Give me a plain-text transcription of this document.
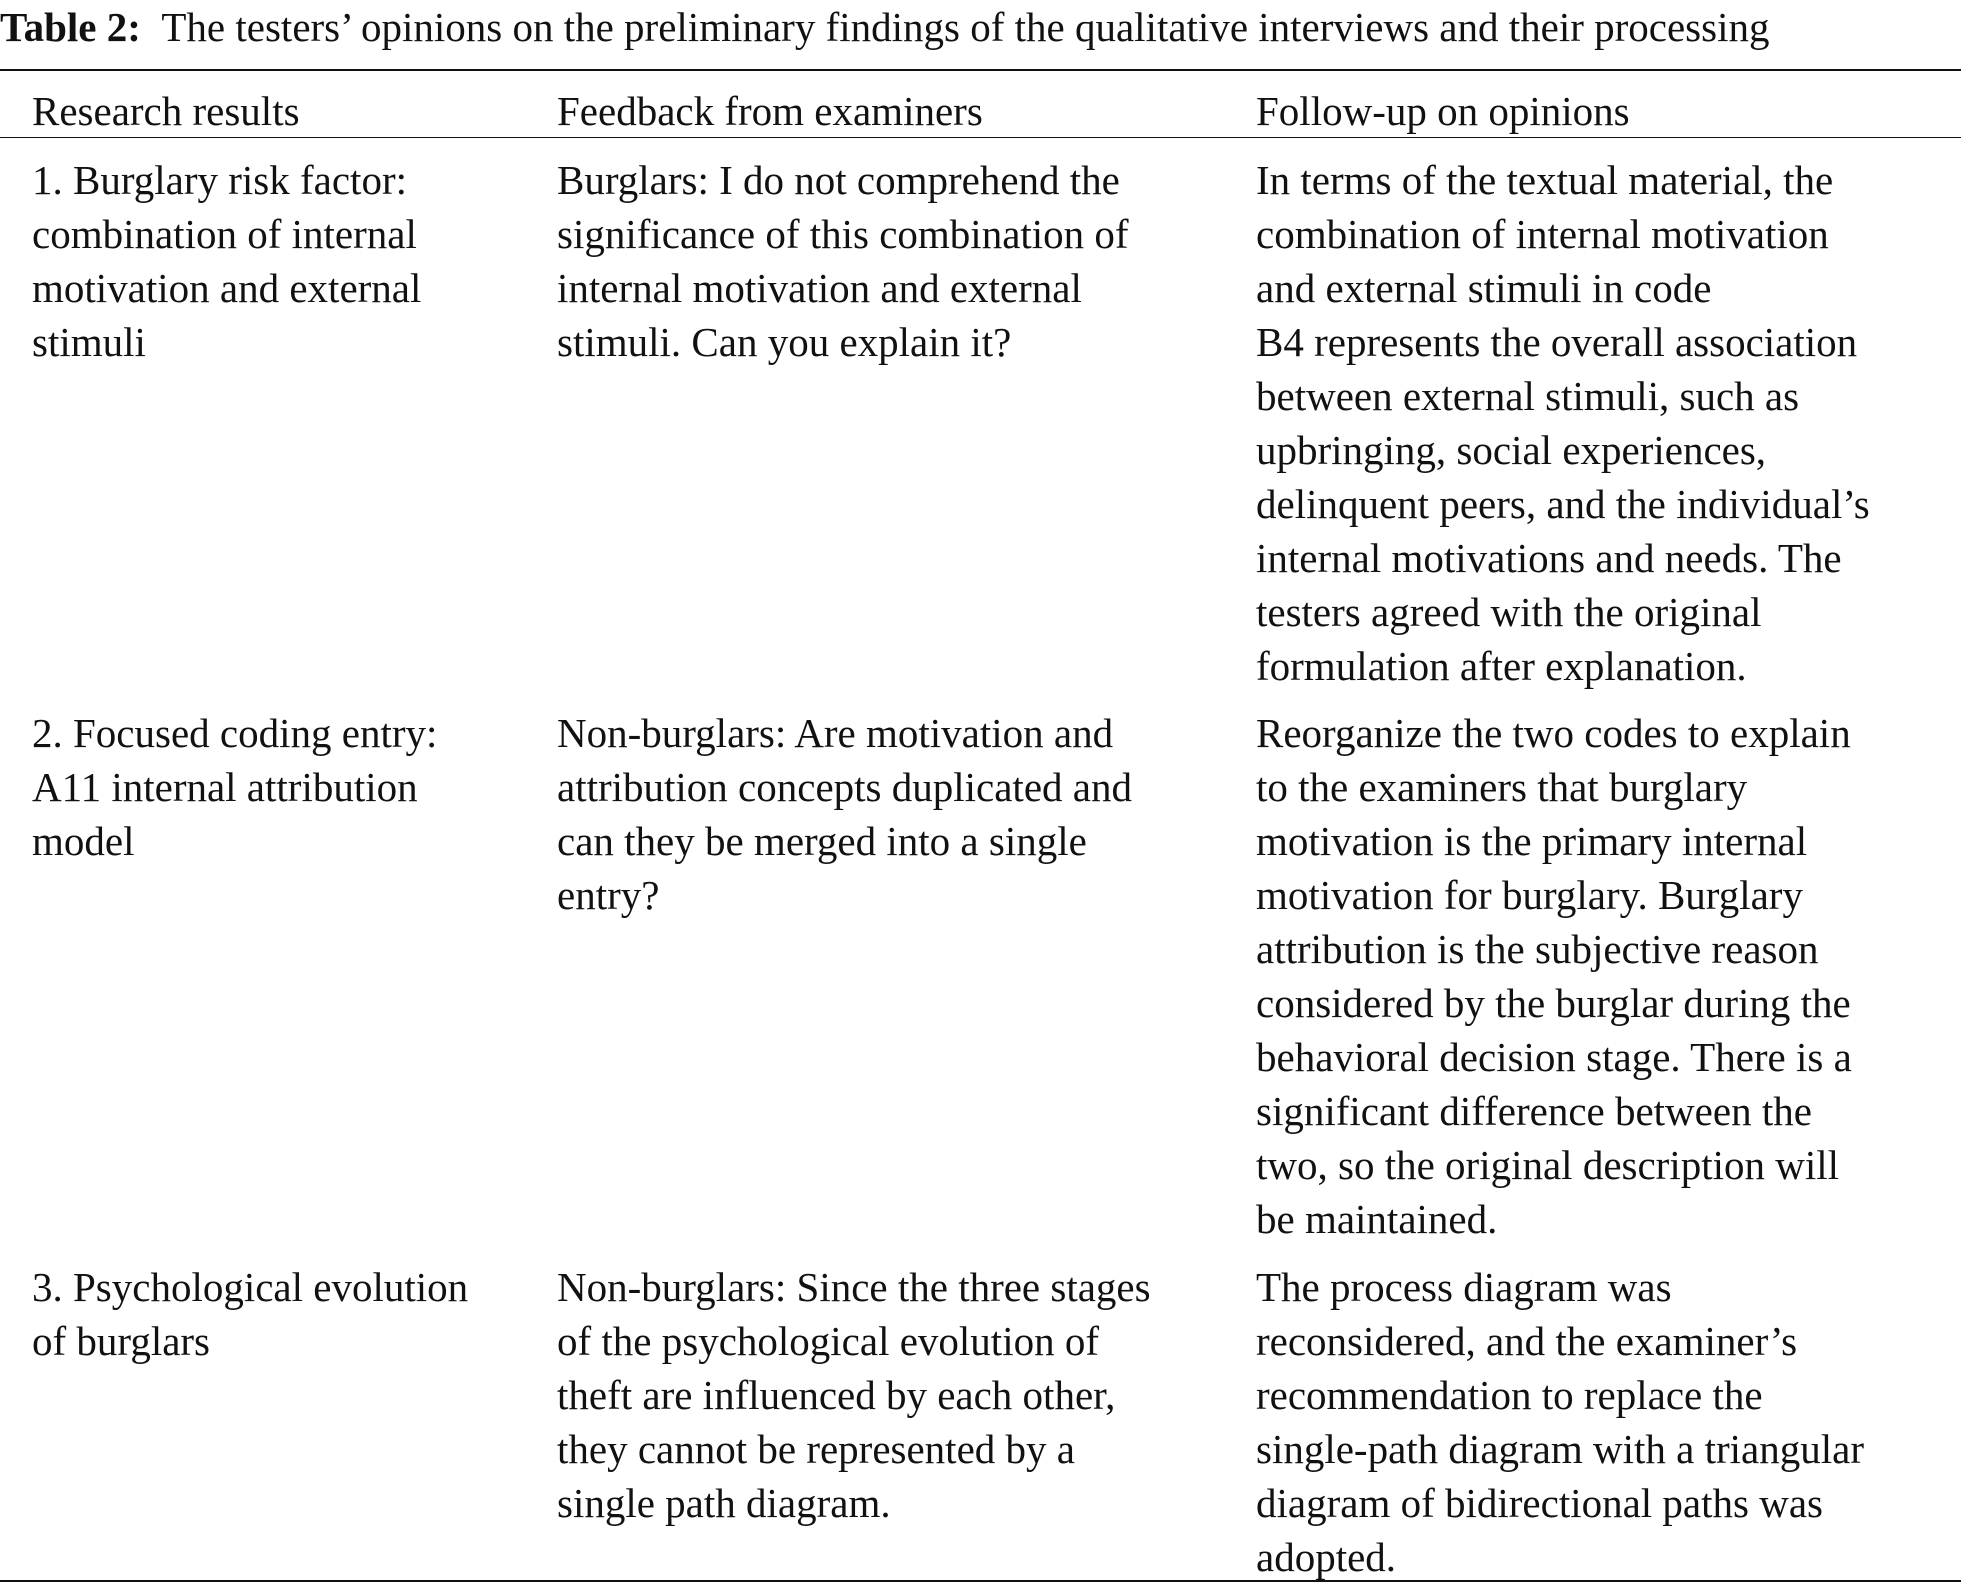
Table 2: The testers’ opinions on the preliminary findings of the qualitative interviews and their processing

Research results	Feedback from examiners	Follow-up on opinions

1. Burglary risk factor:
combination of internal
motivation and external
stimuli

Burglars: I do not comprehend the
significance of this combination of
internal motivation and external
stimuli. Can you explain it?

In terms of the textual material, the
combination of internal motivation
and external stimuli in code
B4 represents the overall association
between external stimuli, such as
upbringing, social experiences,
delinquent peers, and the individual’s
internal motivations and needs. The
testers agreed with the original
formulation after explanation.

2. Focused coding entry:
A11 internal attribution
model

Non-burglars: Are motivation and
attribution concepts duplicated and
can they be merged into a single
entry?

Reorganize the two codes to explain
to the examiners that burglary
motivation is the primary internal
motivation for burglary. Burglary
attribution is the subjective reason
considered by the burglar during the
behavioral decision stage. There is a
significant difference between the
two, so the original description will
be maintained.

3. Psychological evolution
of burglars

Non-burglars: Since the three stages
of the psychological evolution of
theft are influenced by each other,
they cannot be represented by a
single path diagram.

The process diagram was
reconsidered, and the examiner’s
recommendation to replace the
single-path diagram with a triangular
diagram of bidirectional paths was
adopted.
